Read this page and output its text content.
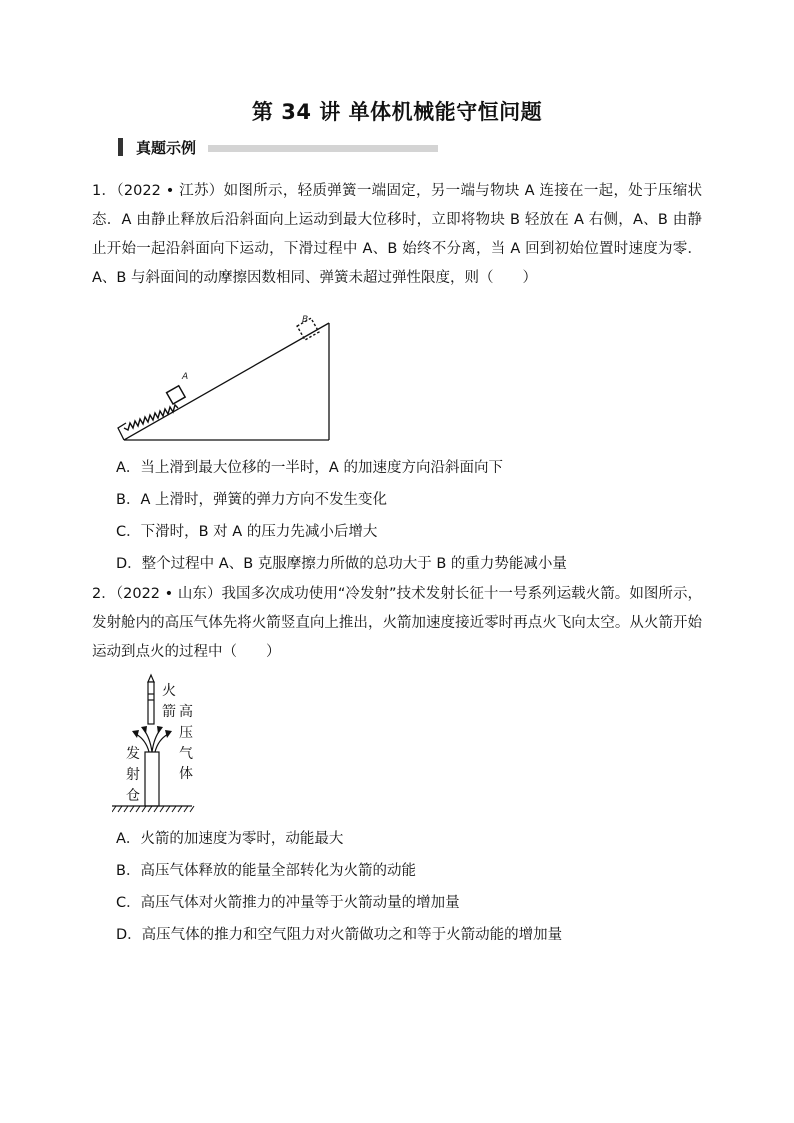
第 34 讲 单体机械能守恒问题
真题示例
1．（2022 • 江苏）如图所示，轻质弹簧一端固定，另一端与物块 A 连接在一起，处于压缩状态．A 由静止释放后沿斜面向上运动到最大位移时，立即将物块 B 轻放在 A 右侧，A、B 由静止开始一起沿斜面向下运动，下滑过程中 A、B 始终不分离，当 A 回到初始位置时速度为零．A、B 与斜面间的动摩擦因数相同、弹簧未超过弹性限度，则（　　）
A
B
A．当上滑到最大位移的一半时，A 的加速度方向沿斜面向下
B．A 上滑时，弹簧的弹力方向不发生变化
C．下滑时，B 对 A 的压力先减小后增大
D．整个过程中 A、B 克服摩擦力所做的总功大于 B 的重力势能减小量
2．（2022 • 山东）我国多次成功使用“冷发射”技术发射长征十一号系列运载火箭。如图所示，发射舱内的高压气体先将火箭竖直向上推出，火箭加速度接近零时再点火飞向太空。从火箭开始运动到点火的过程中（　　）
火
箭 高
压
气
体
发
射
仓
A．火箭的加速度为零时，动能最大
B．高压气体释放的能量全部转化为火箭的动能
C．高压气体对火箭推力的冲量等于火箭动量的增加量
D．高压气体的推力和空气阻力对火箭做功之和等于火箭动能的增加量
